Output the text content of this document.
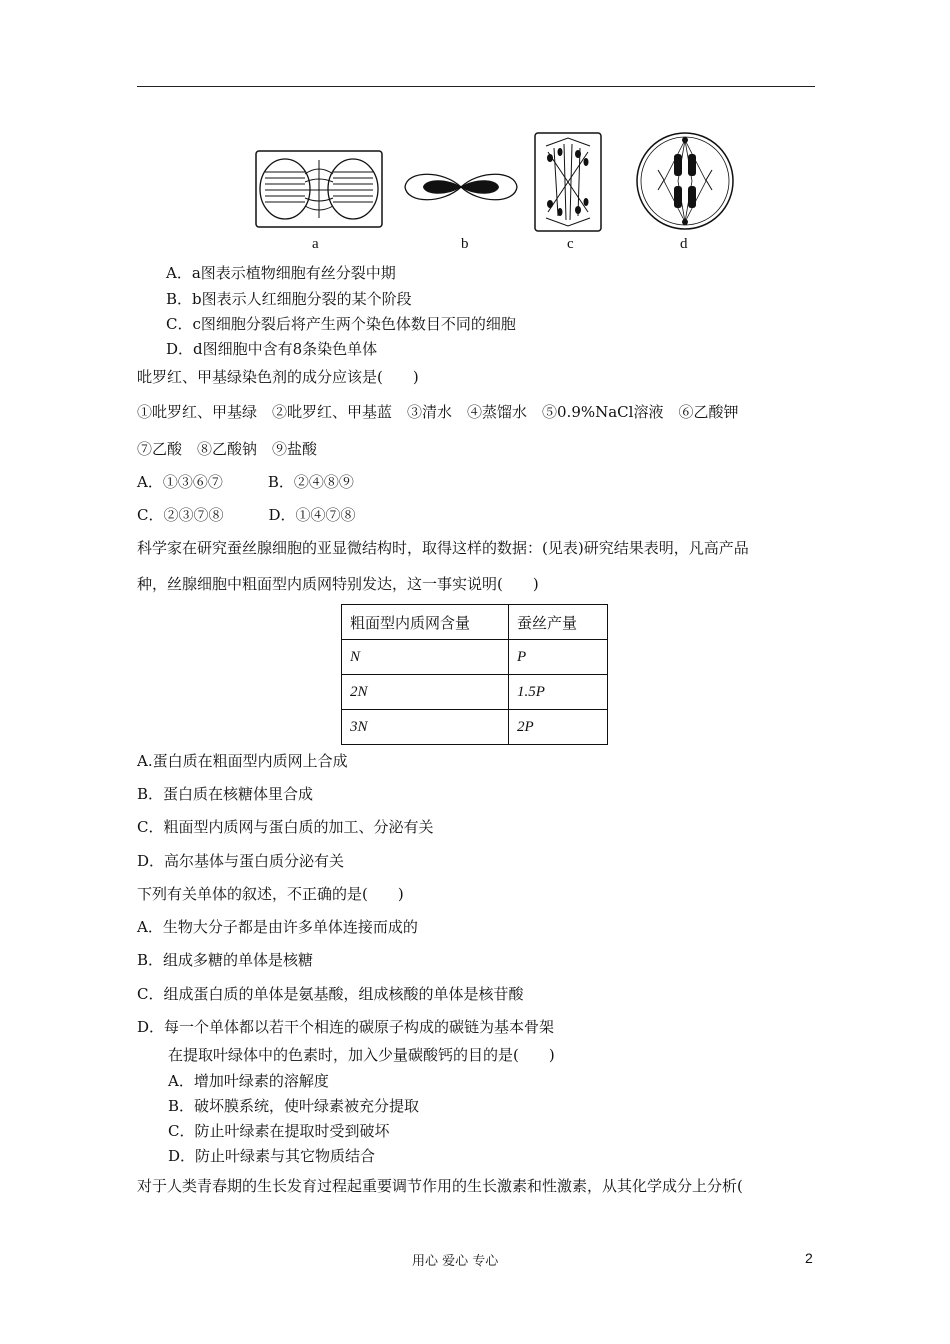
a	b	c	d
A．a图表示植物细胞有丝分裂中期
B．b图表示人红细胞分裂的某个阶段
C．c图细胞分裂后将产生两个染色体数目不同的细胞
D．d图细胞中含有8条染色单体
吡罗红、甲基绿染色剂的成分应该是(　　)
①吡罗红、甲基绿　②吡罗红、甲基蓝　③清水　④蒸馏水　⑤0.9%NaCl溶液　⑥乙酸钾
⑦乙酸　⑧乙酸钠　⑨盐酸
A．①③⑥⑦　　　B．②④⑧⑨
C．②③⑦⑧　　　D．①④⑦⑧
科学家在研究蚕丝腺细胞的亚显微结构时，取得这样的数据：(见表)研究结果表明，凡高产品
种，丝腺细胞中粗面型内质网特别发达，这一事实说明(　　)
粗面型内质网含量	蚕丝产量
N	P
2N	1.5P
3N	2P
A.蛋白质在粗面型内质网上合成
B．蛋白质在核糖体里合成
C．粗面型内质网与蛋白质的加工、分泌有关
D．高尔基体与蛋白质分泌有关
下列有关单体的叙述，不正确的是(　　)
A．生物大分子都是由许多单体连接而成的
B．组成多糖的单体是核糖
C．组成蛋白质的单体是氨基酸，组成核酸的单体是核苷酸
D．每一个单体都以若干个相连的碳原子构成的碳链为基本骨架
在提取叶绿体中的色素时，加入少量碳酸钙的目的是(　　)
A．增加叶绿素的溶解度
B．破坏膜系统，使叶绿素被充分提取
C．防止叶绿素在提取时受到破坏
D．防止叶绿素与其它物质结合
对于人类青春期的生长发育过程起重要调节作用的生长激素和性激素，从其化学成分上分析(
用心 爱心 专心	2
